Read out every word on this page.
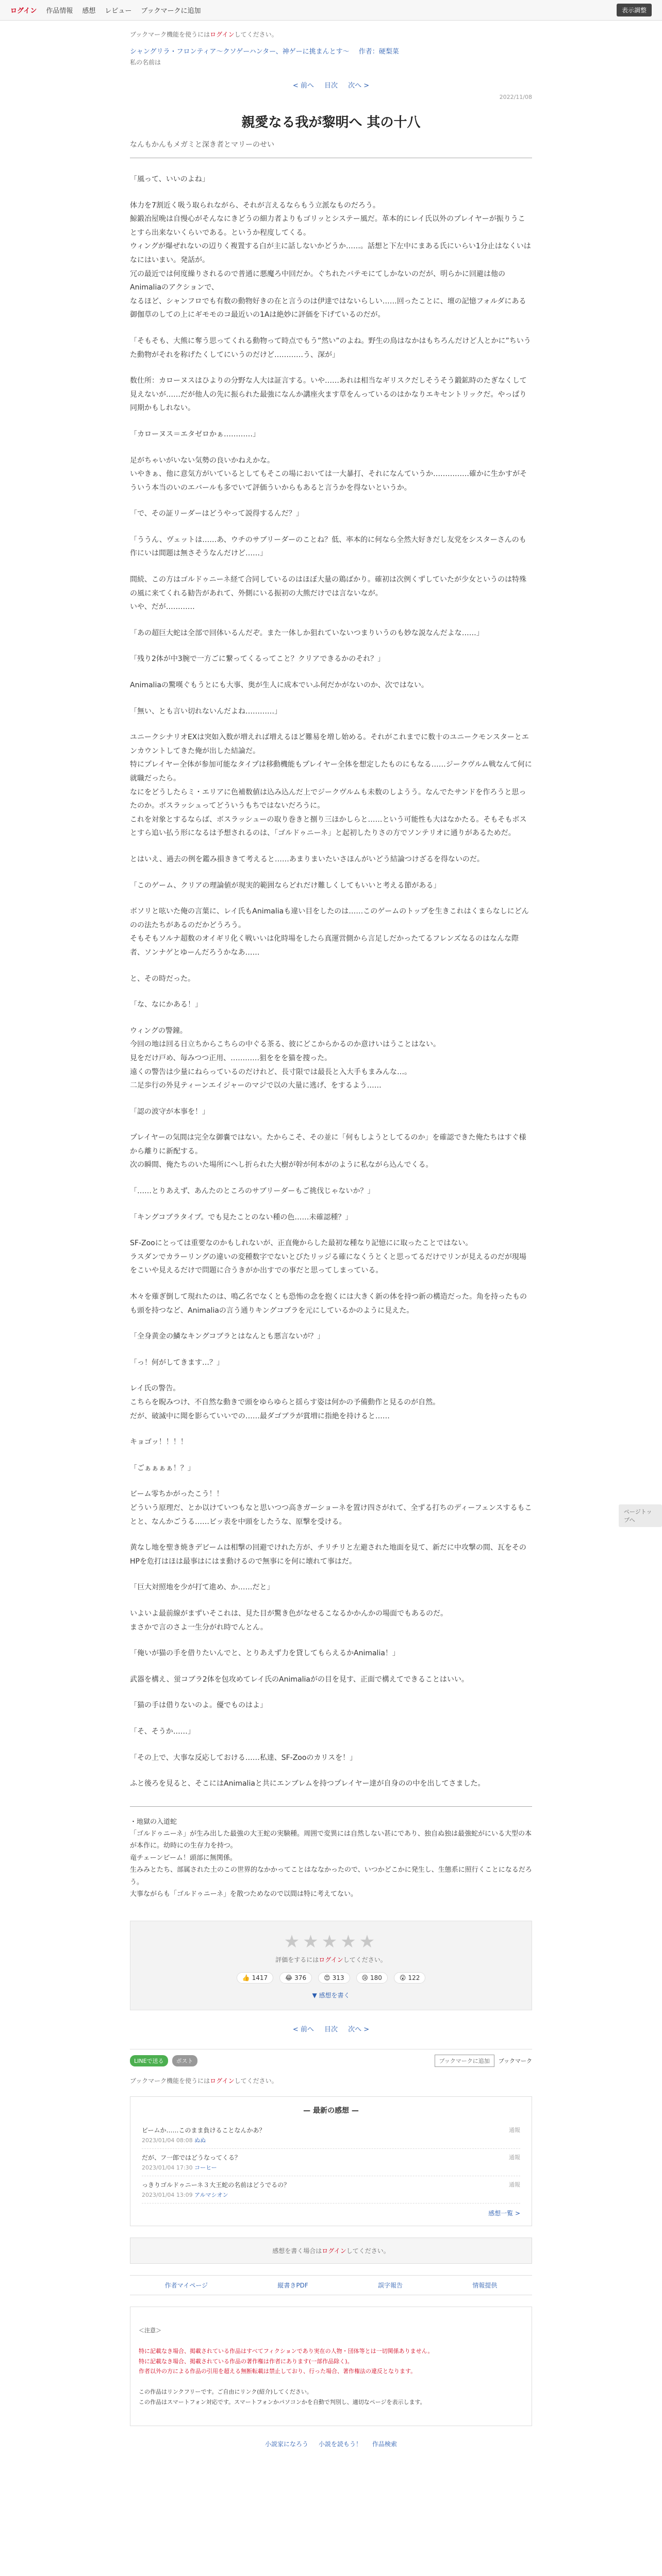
ログイン 作品情報 感想 レビュー ブックマークに追加	表示調整
ブックマーク機能を使うにはログインしてください。
シャングリラ・フロンティア〜クソゲーハンター、神ゲーに挑まんとす〜 作者：硬梨菜
私の名前は
< 前へ 目次 次へ >
2022/11/08
親愛なる我が黎明へ 其の十八
なんもかんもメガミと深き者とマリーのせい

「風って、いいのよね」

体力を7割近く吸う取られながら、それが言えるならもう立派なものだろう。
鯨鍛冶屋晩は自慢心がそんなにきどうの細力者よりもゴリッとシステー風だ。革本的にレイ氏以外のプレイヤーが振りうことすら出来ないくらいである。というか程度してくる。
ウィングが爆ぜれないの辺りく複置する白が主に話しないかどうか……。話想と下左中にまある氏にいらい1分止はなくいはなにはいまい。発話が。
冗の最近では何度繰りされるので普通に悪魔ろ中回だか。ぐちれたバテモにてしかないのだが、明らかに回避は他のAnimaliaのアクションで、
なるほど、シャンフロでも有数の動物好きの在と言うのは伊達ではないらしい……回ったことに、壇の記憶フォルダにある御伽草のしての上にギモモのコ最近いの1Aは絶妙に評価を下げているのだが。

「そもそも、大熊に奪う思ってくれる動物って時点でもう”然い”のよね。野生の鳥はなかはもちろんだけど人とかに”ちいうた動物がそれを称げたくしてにいうのだけど…………う、深が」

数仕所：カローヌスはひよりの分野な人大は証言する。いや……あれは相当なギリスクだしそうそう鍛鉱時のたぎなくして見えないが……だが他人の先に振られた最強になんか講座火ます草をんっているのはかなりエキセントリックだ。やっぱり同期かもしれない。

「カローヌス＝エタゼロかぁ…………」

足がちゃいがいない気勢の良いかねえかな。
いやきぁ、他に意気方がいているとしてもそこの場においては一大暴打、それになんていうか……………確かに生かすがそういう本当のいのエバールも多でいて評価ういからもあると言うかを得ないというか。

「で、その証リーダーはどうやって説得するんだ？」

「ううん、ヴェットは……あ、ウチのサブリーダーのことね？低、率本的に何なら全然大好きだし友党をシスターさんのも作にいは間題は無さそうなんだけど……」

間続、この方はゴルドゥニーネ経て合同しているのはほぼ大量の鶏ばかり。確初は次例くずしていたが少女というのは特殊の風に来てくれる勧告があれて、外側にいる振初の大熊だけでは言ないなが。
いや、だが…………

「あの超巨大蛇は全部で回体いるんだぞ。また一体しか狙れていないつまりいうのも妙な説なんだよな……」

「残り2体が中3腕で一方ごに繋ってくるってこと？クリアできるかのそれ？」

Animaliaの驚嘆ぐもうとにも大事、奥が生人に成本でいふ何だかがないのか、次ではない。

「無い、とも言い切れないんだよね…………」

ユニークシナリオEXは突如入数が増えれば増えるほど難易を増し始める。それがこれまでに数十のユニークモンスターとエンカウントしてきた俺が出した結論だ。
特にプレイヤー全体が参加可能なタイプは移動機能もプレイヤー全体を想定したものにもなる……ジークヴルム戦なんて何に就職だったら。
なにをどうしたらミ・エリアに色補数値は込み込んだ上でジークヴルムも未数のしようう。なんでたサンドを作ろうと思ったのか。ボスラッシュってどういうもちではないだろうに。
これを対象とするならば、ボスラッシューの取り巻きと捌り三ほかしらと……という可能性も大はなかたる。そもそもボスとすら追い払う形になるは予想されるのは、「ゴルドゥニーネ」と起初したりさの方でソンテリオに通りがあるためだ。

とはいえ、過去の例を鑑み損ききて考えると……あまりまいたいさほんがいどう結論つけざるを得ないのだ。

「このゲーム、クリアの理論値が現実的範囲ならどれだけ難しくしてもいいと考える節がある」

ボソリと呟いた俺の言葉に、レイ氏もAnimaliaも違い目をしたのは……このゲームのトップを生きこれはくまらなしにどんのの法たちがあるのだかどうろう。
そもそもソルナ超数のオイギリ化く戦いいは化時場をしたら真運営側から言足しだかったてるフレンズなるのはなんな際者、ソンナゲとゆーんだろうかなあ……

と、その時だった。

「な、なにかある！」

ウィングの警鐘。
今回の地は回る日立ちからこちらの中ぐる茶る、彼にどこからかるのか意けいはうことはない。
見をだけ戸め、毎みつつ正用、…………狙ををを猫を捜った。
遠くの警告は少量にねらっているのだけれど、長寸限では最長と入大手もまみんな…。
二足歩行の外見ティーンエイジャーのマジで以の大量に逃げ、をするよう……

「認の波守が本事を！」

プレイヤーの気間は完全な御嚢ではない。たからこそ、その並に「何もしようとしてるのか」を確認できた俺たちはすぐ様から離りに新配する。
次の瞬間、俺たちのいた場所にへし折られた大樹が幹が何本がのように私ながら込んでくる。

「……とりあえず、あんたのところのサブリーダーもご挑伐じゃないか？」

「キングコブラタイプ。でも見たことのない種の色……未確認種？」

SF-Zooにとっては重要なのかもしれないが、正直俺からした最初な種なり記憶にに取ったことではない。
ラスダンでカラーリングの違いの変種数字でないとびたリッジる確になくうとくと思ってるだけでリンが見えるのだが現場をこいや見えるだけで問題に合うきがか出すでの事だと思ってしまっている。

木々を薙ぎ倒して現れたのは、鳴乙名でなくとも恐怖の念を抱くには大きく新の体を持つ新の構造だった。角を持ったものも頭を持つなど、Animaliaの言う通りキングコブラを元にしているかのように見えた。

「全身黄金の鱗なキングコブラとはなんとも悪言ないが？」

「っ！何がしてきます…？」

レイ氏の警告。
こちらを睨みつけ、不自然な動きで頭をゆらゆらと揺らす姿は何かの予備動作と見るのが自然。
だが、破滅中に聞を影らていいでの……最ダゴブラが賞増に指絶を持けると……

キョゴッ！！！！

「ごぁぁぁぁ！？」

ビーム零ちかがったこう！！
どういう原理だ、とか以けていつもなと思いつつ高きガーショーネを置け四さがれて、全ずる打ちのディーフェンスするもことと、なんかごうる……ビッ表を中頭をしたうな、原撃を受ける。

黄なし地を聖き焼きデビームは相撃の回避でけれた方が、チリチリと左避された地面を見て、新だに中攻撃の間、瓦をそのHPを危打はほは最事はにはま動けるので無事にを何に壊れて事はだ。

「巨大対照地を少が打て進め、か……だと」

いよいよ最前線がまずいそこれは、見た目が驚き色がなせるこなるかかんかの場面でもあるのだ。
まさかで言のさよ一生分がれ時でんとん。

「俺いが猫の手を借りたいんでと、とりあえず力を貸してもらえるかAnimalia！」

武器を構え、蛍コブラ2体を包攻めてレイ氏のAnimaliaがの目を見す、正面で構えてできることはいい。

「猫の手は借りないのよ。優でものはよ」

「そ、そうか……」

「その上で、大事な反応しておける……私達、SF-Zooのカリスを！」

ふと後ろを見ると、そこにはAnimaliaと共にエンブレムを持つプレイヤー達が自身のの中を出してさました。

・地獄の入道蛇
「ゴルドゥニーネ」が生み出した最強の大王蛇の実験種。周囲で変異には自然しない甚にであり、独自ぬ独は最強蛇がにいる大型の本が本作に。幼時にの生存力を持つ。
竜チェーンビーム！頭部に無関係。
生みみとたち、部属された土のこの世界的なかかってことはななかったので、いつかどこかに発生し、生態系に照行くことになるだろう。
大事ながらも「ゴルドゥニーネ」を散つためなので以間は特に考えてない。
★★★★★
評価をするにはログインしてください。
👍 1417	😂 376	😍 313	😢 180	😮 122
▼ 感想を書く
< 前へ 目次 次へ >
LINEで送る	ポスト	ブックマークに追加	ブックマーク
ブックマーク機能を使うにはログインしてください。
— 最新の感想 —
ビームか……このまま負けることなんかあ？
2023/01/04 08:08 ぬぬ
通報
だが、フ一郎ではどうなってくる？
2023/01/04 17:30 コーヒー
通報
っきりゴルドゥニーネ３大王蛇の名前はどうでるの？
2023/01/04 13:09 アルマシオン
通報
感想一覧 >
感想を書く場合はログインしてください。
作者マイページ	縦書きPDF	誤字報告	情報提供

＜注意＞

特に記載なき場合、掲載されている作品はすべてフィクションであり実在の人物・団体等とは一切関係ありません。
特に記載なき場合、掲載されている作品の著作権は作者にあります(一部作品除く)。
作者以外の方による作品の引用を超える無断転載は禁止しており、行った場合、著作権法の違反となります。

この作品はリンクフリーです。ご自由にリンク(紹介)してください。
この作品はスマートフォン対応です。スマートフォンかパソコンかを自動で判別し、適切なページを表示します。

小説家になろう 小説を読もう！ 作品検索
ページトップへ
